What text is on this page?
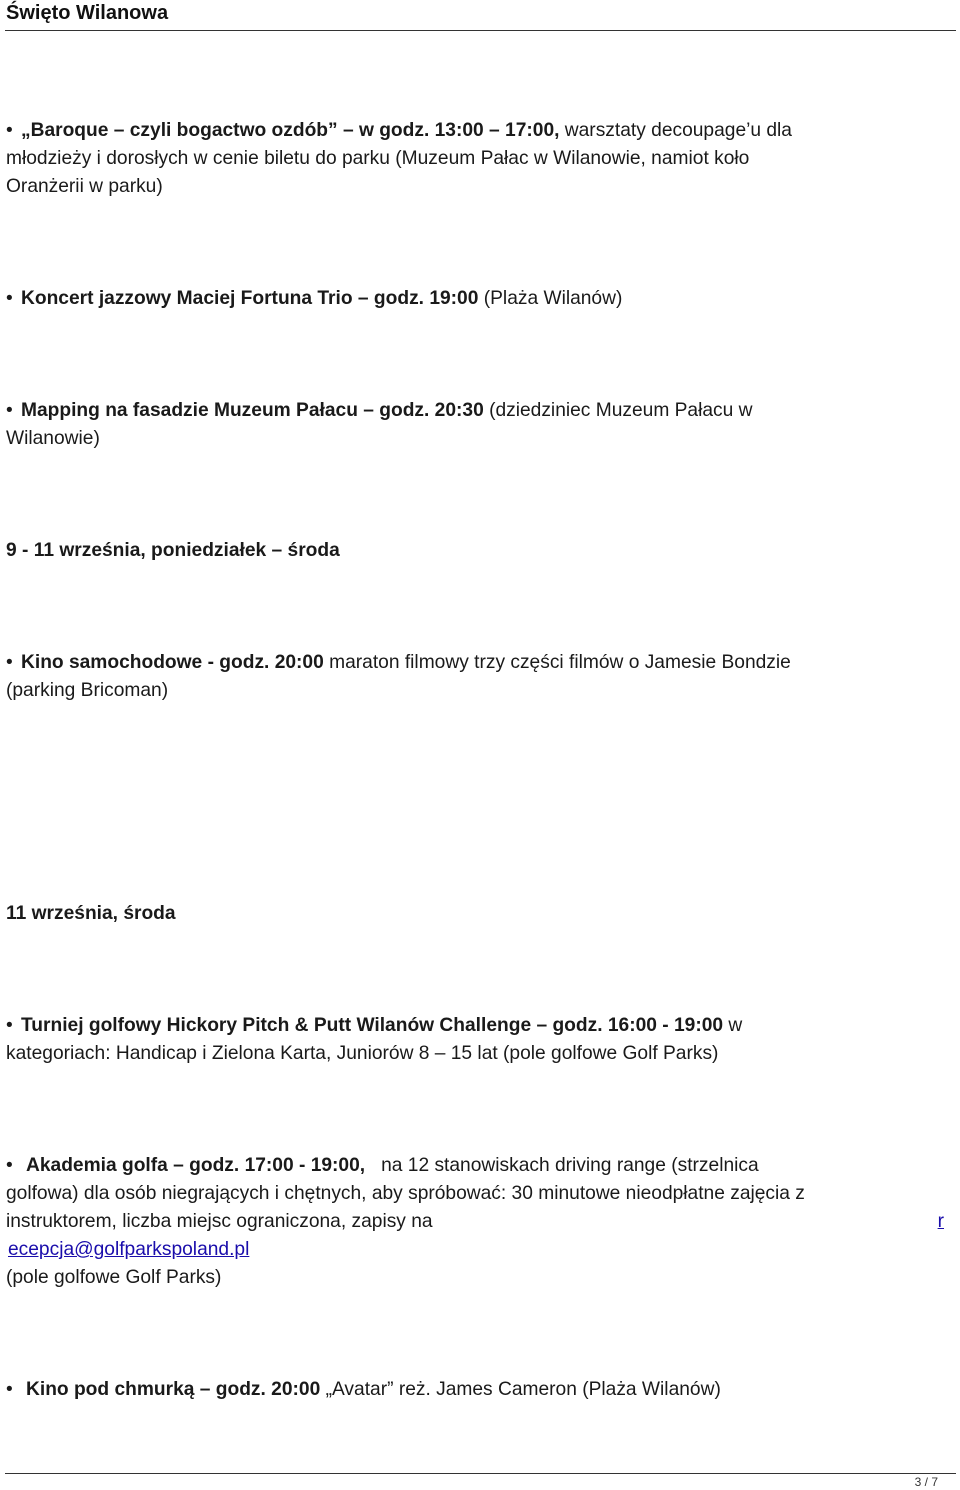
Święto Wilanowa
• „Baroque – czyli bogactwo ozdób” – w godz. 13:00 – 17:00, warsztaty decoupage’u dla
młodzieży i dorosłych w cenie biletu do parku (Muzeum Pałac w Wilanowie, namiot koło
Oranżerii w parku)
• Koncert jazzowy Maciej Fortuna Trio – godz. 19:00 (Plaża Wilanów)
• Mapping na fasadzie Muzeum Pałacu – godz. 20:30 (dziedziniec Muzeum Pałacu w
Wilanowie)
9 - 11 września, poniedziałek – środa
• Kino samochodowe - godz. 20:00 maraton filmowy trzy części filmów o Jamesie Bondzie
(parking Bricoman)
11 września, środa
• Turniej golfowy Hickory Pitch & Putt Wilanów Challenge – godz. 16:00 - 19:00 w
kategoriach: Handicap i Zielona Karta, Juniorów 8 – 15 lat (pole golfowe Golf Parks)
• Akademia golfa – godz. 17:00 - 19:00,   na 12 stanowiskach driving range (strzelnica
golfowa) dla osób niegrających i chętnych, aby spróbować: 30 minutowe nieodpłatne zajęcia z
instruktorem, liczba miejsc ograniczona, zapisy na	r
ecepcja@golfparkspoland.pl
(pole golfowe Golf Parks)
• Kino pod chmurką – godz. 20:00 „Avatar” reż. James Cameron (Plaża Wilanów)
3 / 7
